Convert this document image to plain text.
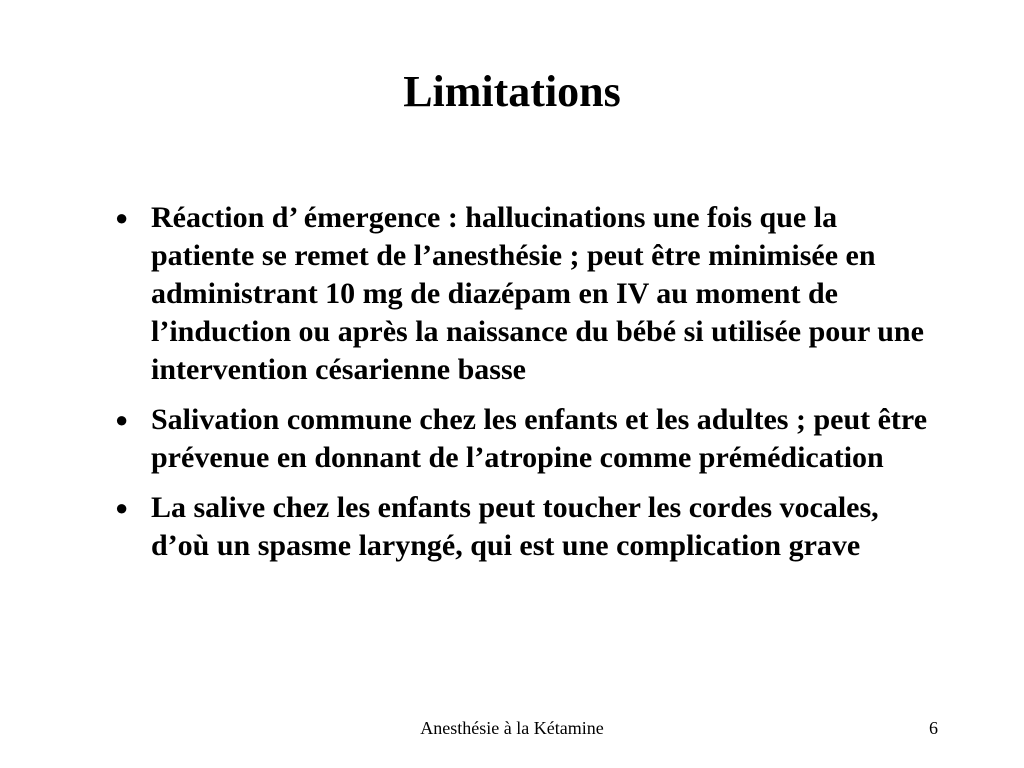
Limitations
● Réaction d’ émergence : hallucinations une fois que la patiente se remet de l’anesthésie ; peut être minimisée en administrant 10 mg de diazépam en IV au moment de l’induction ou après la naissance du bébé si utilisée pour une intervention césarienne basse
● Salivation commune chez les enfants et les adultes ; peut être prévenue en donnant de l’atropine comme prémédication
● La salive chez les enfants peut toucher les cordes vocales, d’où un spasme laryngé, qui est une complication grave
Anesthésie à la Kétamine	6
